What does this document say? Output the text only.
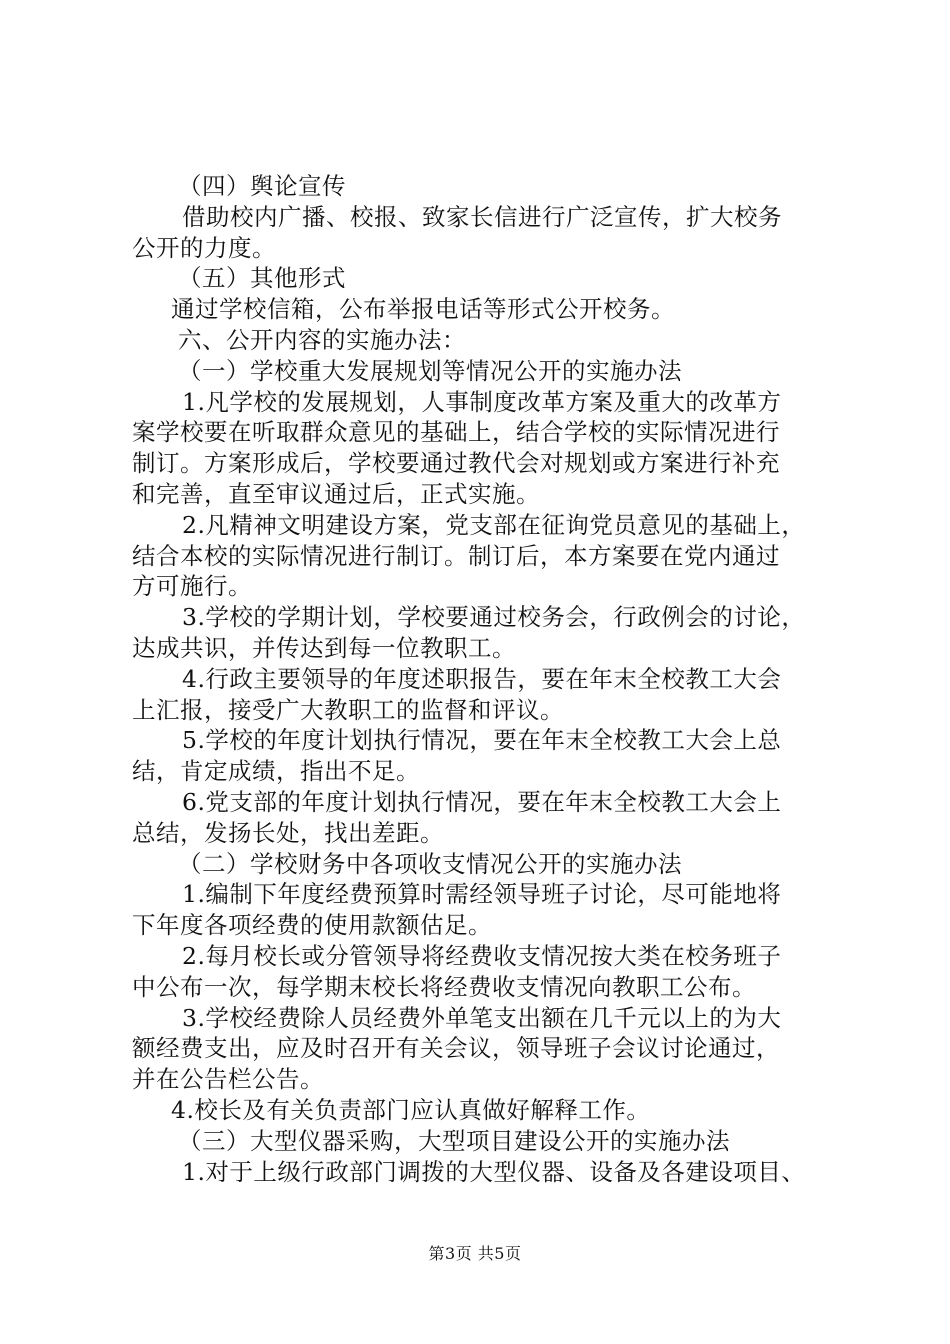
（四）舆论宣传
借助校内广播、校报、致家长信进行广泛宣传，扩大校务
公开的力度。
（五）其他形式
通过学校信箱，公布举报电话等形式公开校务。
六、公开内容的实施办法：
（一）学校重大发展规划等情况公开的实施办法
1.凡学校的发展规划，人事制度改革方案及重大的改革方
案学校要在听取群众意见的基础上，结合学校的实际情况进行
制订。方案形成后，学校要通过教代会对规划或方案进行补充
和完善，直至审议通过后，正式实施。
2.凡精神文明建设方案，党支部在征询党员意见的基础上，
结合本校的实际情况进行制订。制订后，本方案要在党内通过
方可施行。
3.学校的学期计划，学校要通过校务会，行政例会的讨论，
达成共识，并传达到每一位教职工。
4.行政主要领导的年度述职报告，要在年末全校教工大会
上汇报，接受广大教职工的监督和评议。
5.学校的年度计划执行情况，要在年末全校教工大会上总
结，肯定成绩，指出不足。
6.党支部的年度计划执行情况，要在年末全校教工大会上
总结，发扬长处，找出差距。
（二）学校财务中各项收支情况公开的实施办法
1.编制下年度经费预算时需经领导班子讨论，尽可能地将
下年度各项经费的使用款额估足。
2.每月校长或分管领导将经费收支情况按大类在校务班子
中公布一次，每学期末校长将经费收支情况向教职工公布。
3.学校经费除人员经费外单笔支出额在几千元以上的为大
额经费支出，应及时召开有关会议，领导班子会议讨论通过，
并在公告栏公告。
4.校长及有关负责部门应认真做好解释工作。
（三）大型仪器采购，大型项目建设公开的实施办法
1.对于上级行政部门调拨的大型仪器、设备及各建设项目、
第3页 共5页
